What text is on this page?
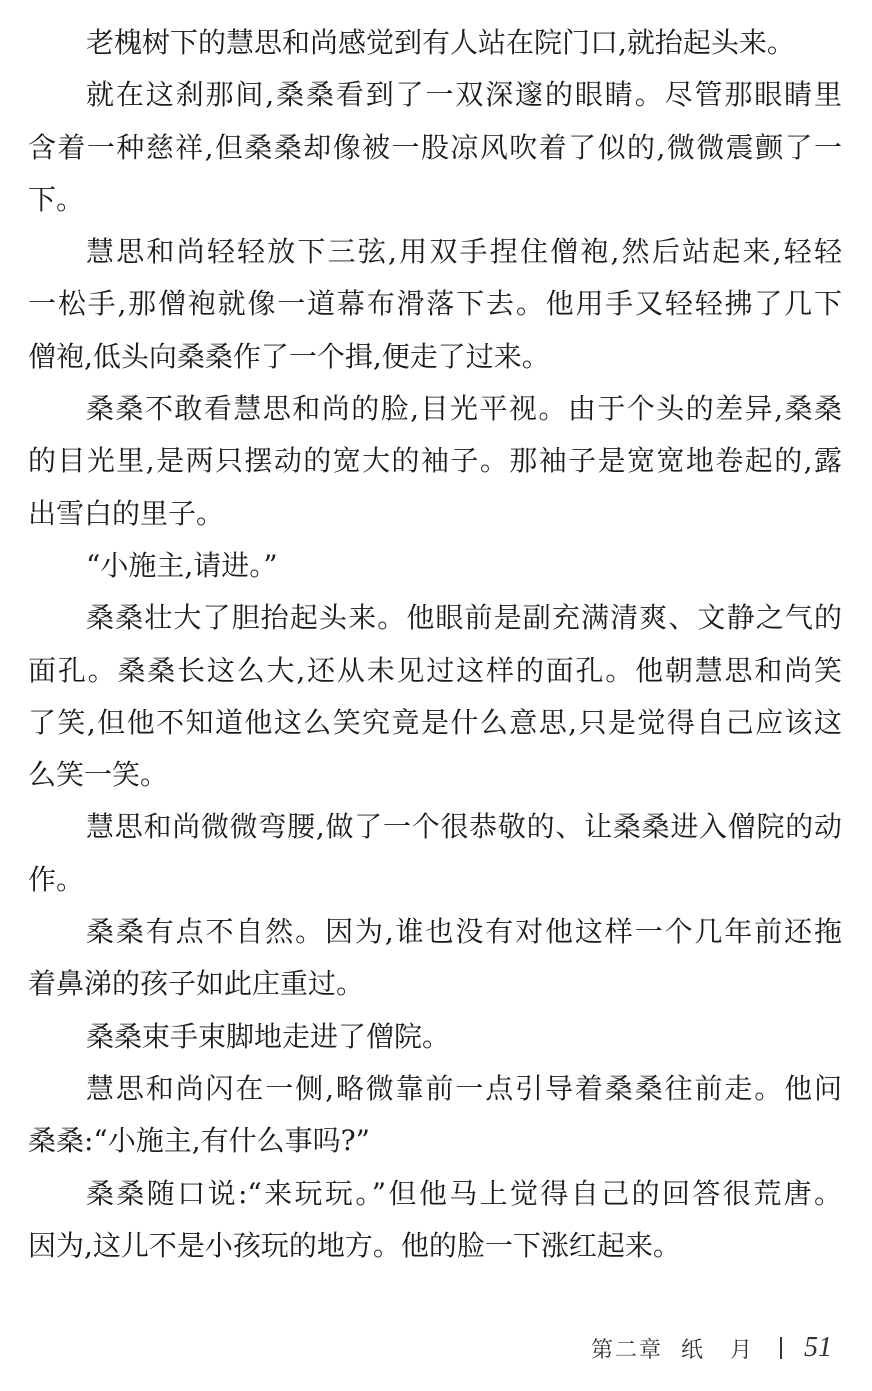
老槐树下的慧思和尚感觉到有人站在院门口,就抬起头来。
就在这刹那间,桑桑看到了一双深邃的眼睛。尽管那眼睛里
含着一种慈祥,但桑桑却像被一股凉风吹着了似的,微微震颤了一
下。
慧思和尚轻轻放下三弦,用双手捏住僧袍,然后站起来,轻轻
一松手,那僧袍就像一道幕布滑落下去。他用手又轻轻拂了几下
僧袍,低头向桑桑作了一个揖,便走了过来。
桑桑不敢看慧思和尚的脸,目光平视。由于个头的差异,桑桑
的目光里,是两只摆动的宽大的袖子。那袖子是宽宽地卷起的,露
出雪白的里子。
“小施主,请进。”
桑桑壮大了胆抬起头来。他眼前是副充满清爽、文静之气的
面孔。桑桑长这么大,还从未见过这样的面孔。他朝慧思和尚笑
了笑,但他不知道他这么笑究竟是什么意思,只是觉得自己应该这
么笑一笑。
慧思和尚微微弯腰,做了一个很恭敬的、让桑桑进入僧院的动
作。
桑桑有点不自然。因为,谁也没有对他这样一个几年前还拖
着鼻涕的孩子如此庄重过。
桑桑束手束脚地走进了僧院。
慧思和尚闪在一侧,略微靠前一点引导着桑桑往前走。他问
桑桑:“小施主,有什么事吗?”
桑桑随口说:“来玩玩。”但他马上觉得自己的回答很荒唐。
因为,这儿不是小孩玩的地方。他的脸一下涨红起来。
第二章 纸 月 51
